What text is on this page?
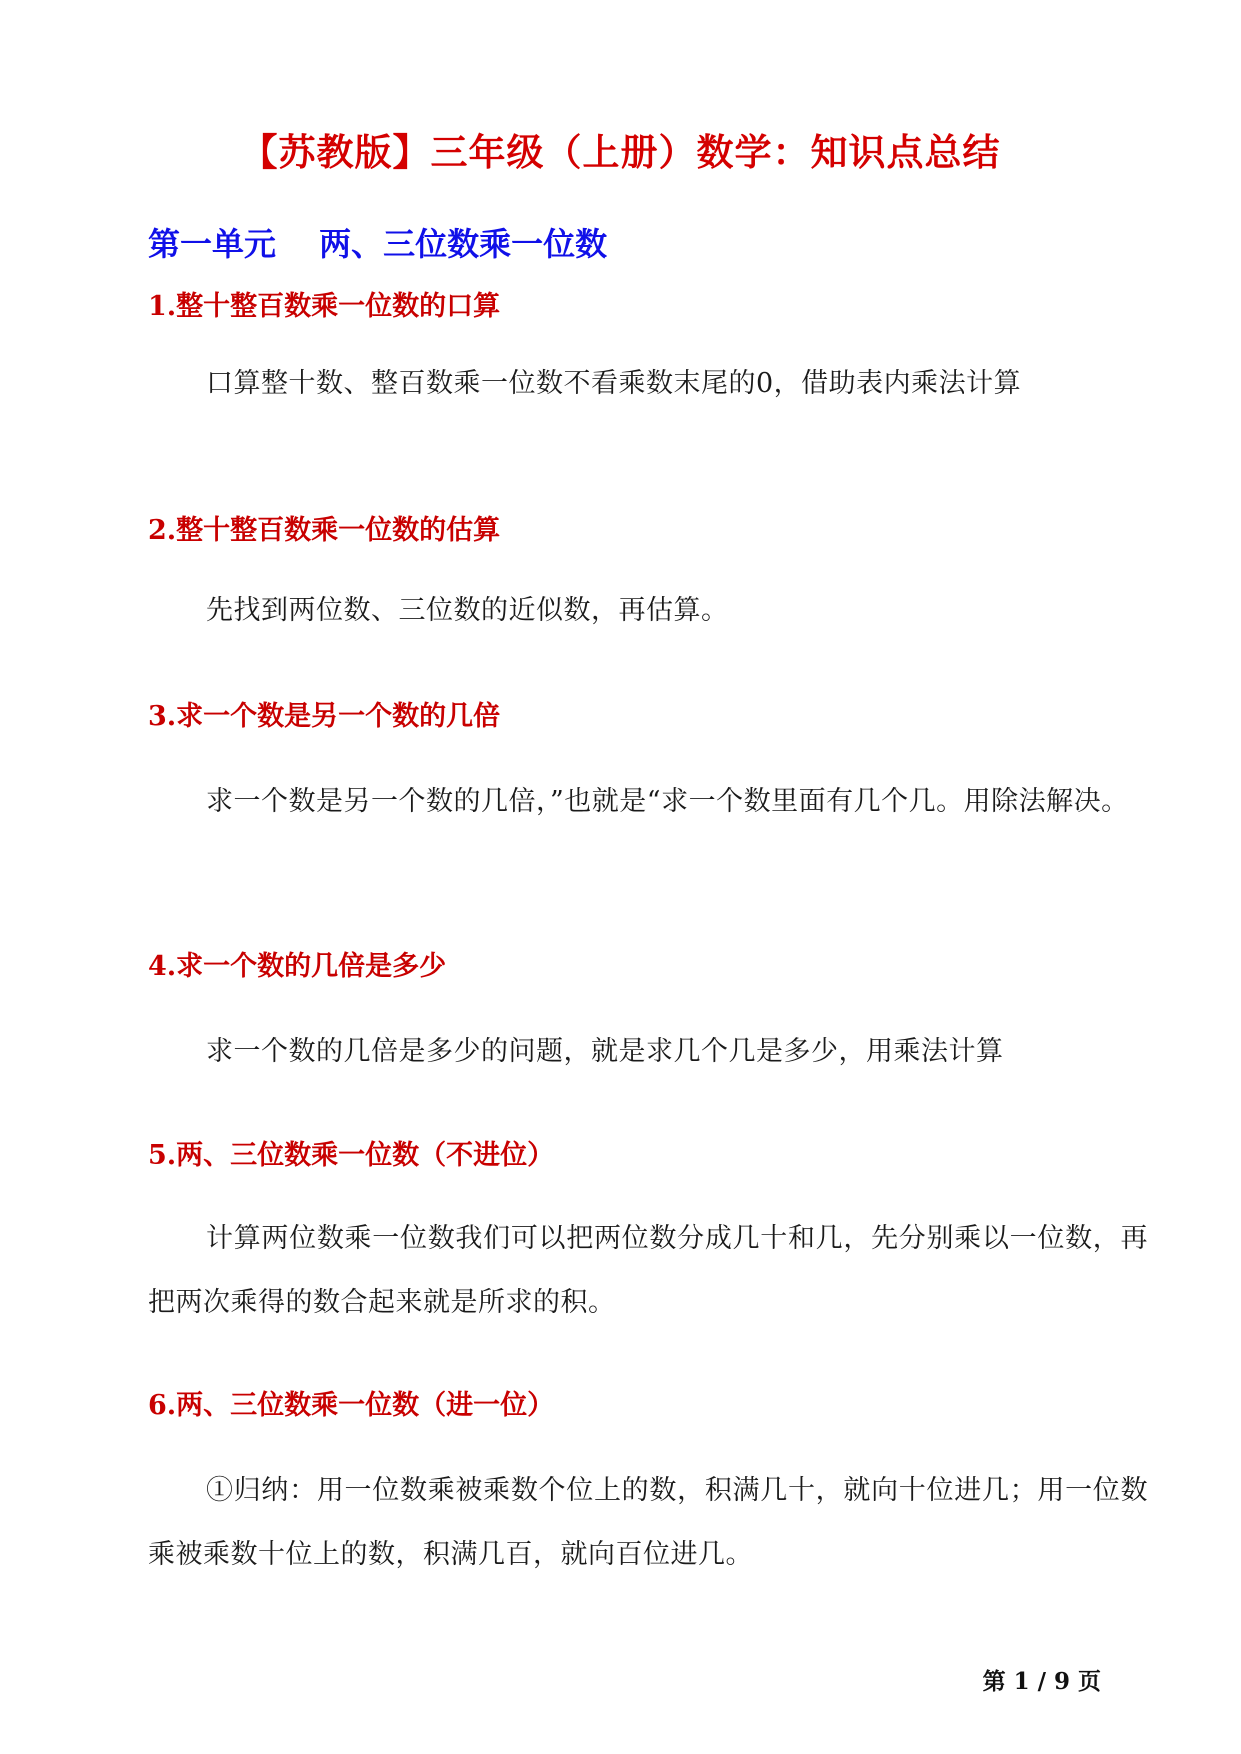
【苏教版】三年级（上册）数学：知识点总结
第一单元　 两、三位数乘一位数
1.整十整百数乘一位数的口算
口算整十数、整百数乘一位数不看乘数末尾的0，借助表内乘法计算
2.整十整百数乘一位数的估算
先找到两位数、三位数的近似数，再估算。
3.求一个数是另一个数的几倍
求一个数是另一个数的几倍，”也就是“求一个数里面有几个几。用除法解决。
4.求一个数的几倍是多少
求一个数的几倍是多少的问题，就是求几个几是多少，用乘法计算
5.两、三位数乘一位数（不进位）
计算两位数乘一位数我们可以把两位数分成几十和几，先分别乘以一位数，再把两次乘得的数合起来就是所求的积。
6.两、三位数乘一位数（进一位）
①归纳：用一位数乘被乘数个位上的数，积满几十，就向十位进几；用一位数乘被乘数十位上的数，积满几百，就向百位进几。
第 1 / 9 页
